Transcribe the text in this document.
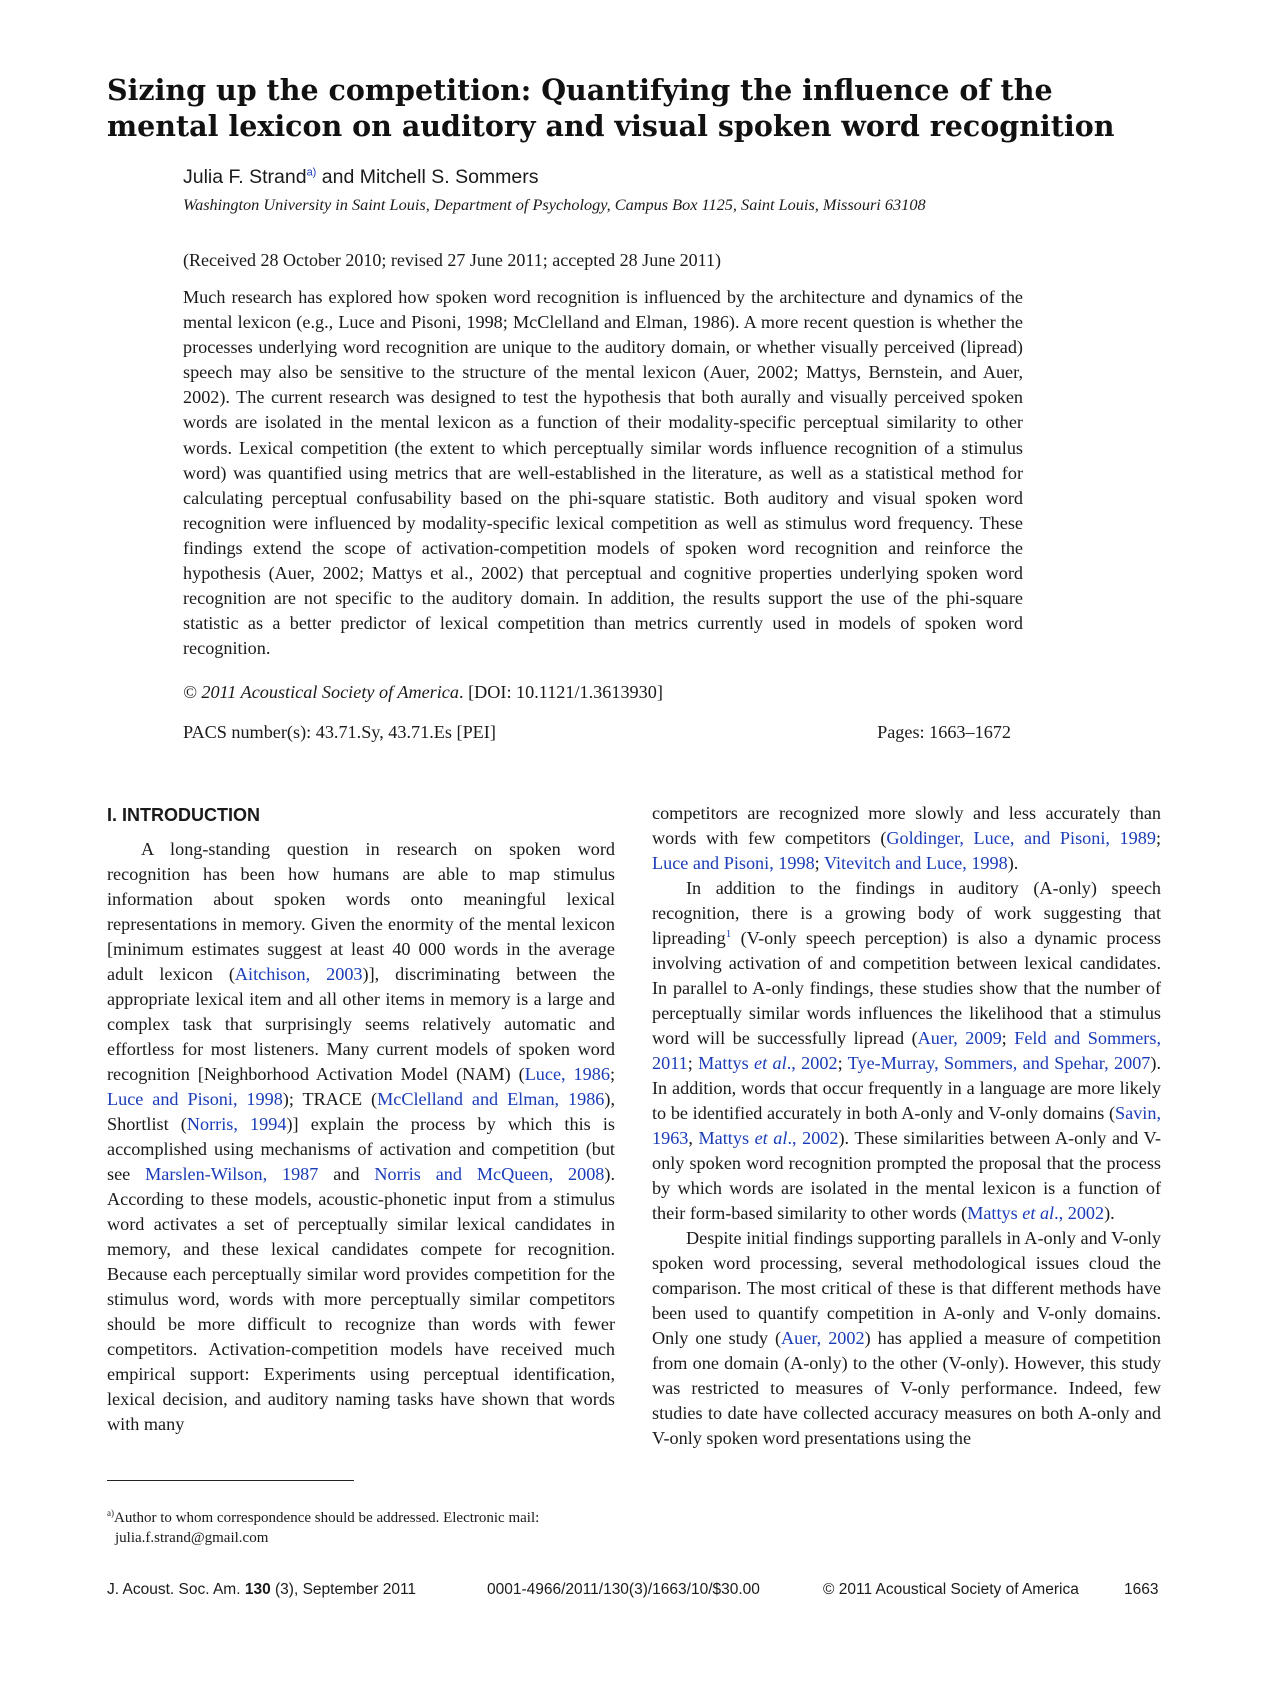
Sizing up the competition: Quantifying the influence of the
mental lexicon on auditory and visual spoken word recognition
Julia F. Strand$^{a)}$ and Mitchell S. Sommers
Washington University in Saint Louis, Department of Psychology, Campus Box 1125, Saint Louis, Missouri 63108
(Received 28 October 2010; revised 27 June 2011; accepted 28 June 2011)

Much research has explored how spoken word recognition is influenced by the architecture and dynamics of the mental lexicon (e.g., Luce and Pisoni, 1998; McClelland and Elman, 1986). A more recent question is whether the processes underlying word recognition are unique to the auditory domain, or whether visually perceived (lipread) speech may also be sensitive to the structure of the mental lexicon (Auer, 2002; Mattys, Bernstein, and Auer, 2002). The current research was designed to test the hypothesis that both aurally and visually perceived spoken words are isolated in the mental lexicon as a function of their modality-specific perceptual similarity to other words. Lexical competition (the extent to which perceptually similar words influence recognition of a stimulus word) was quantified using metrics that are well-established in the literature, as well as a statistical method for calculating perceptual confusability based on the phi-square statistic. Both auditory and visual spoken word recognition were influenced by modality-specific lexical competition as well as stimulus word frequency. These findings extend the scope of activation-competition models of spoken word recognition and reinforce the hypothesis (Auer, 2002; Mattys et al., 2002) that perceptual and cognitive properties underlying spoken word recognition are not specific to the auditory domain. In addition, the results support the use of the phi-square statistic as a better predictor of lexical competition than metrics currently used in models of spoken word recognition.

© 2011 Acoustical Society of America. [DOI: 10.1121/1.3613930]
PACS number(s): 43.71.Sy, 43.71.Es [PEI]	Pages: 1663–1672
I. INTRODUCTION

A long-standing question in research on spoken word recognition has been how humans are able to map stimulus information about spoken words onto meaningful lexical representations in memory. Given the enormity of the mental lexicon [minimum estimates suggest at least 40 000 words in the average adult lexicon (Aitchison, 2003)], discriminating between the appropriate lexical item and all other items in memory is a large and complex task that surprisingly seems relatively automatic and effortless for most listeners. Many current models of spoken word recognition [Neighborhood Activation Model (NAM) (Luce, 1986; Luce and Pisoni, 1998); TRACE (McClelland and Elman, 1986), Shortlist (Norris, 1994)] explain the process by which this is accomplished using mechanisms of activation and competition (but see Marslen-Wilson, 1987 and Norris and McQueen, 2008). According to these models, acoustic-phonetic input from a stimulus word activates a set of perceptually similar lexical candidates in memory, and these lexical candidates compete for recognition. Because each perceptually similar word provides competition for the stimulus word, words with more perceptually similar competitors should be more difficult to recognize than words with fewer competitors. Activation-competition models have received much empirical support: Experiments using perceptual identification, lexical decision, and auditory naming tasks have shown that words with many

competitors are recognized more slowly and less accurately than words with few competitors (Goldinger, Luce, and Pisoni, 1989; Luce and Pisoni, 1998; Vitevitch and Luce, 1998).

In addition to the findings in auditory (A-only) speech recognition, there is a growing body of work suggesting that lipreading$^1$ (V-only speech perception) is also a dynamic process involving activation of and competition between lexical candidates. In parallel to A-only findings, these studies show that the number of perceptually similar words influences the likelihood that a stimulus word will be successfully lipread (Auer, 2009; Feld and Sommers, 2011; Mattys et al., 2002; Tye-Murray, Sommers, and Spehar, 2007). In addition, words that occur frequently in a language are more likely to be identified accurately in both A-only and V-only domains (Savin, 1963, Mattys et al., 2002). These similarities between A-only and V-only spoken word recognition prompted the proposal that the process by which words are isolated in the mental lexicon is a function of their form-based similarity to other words (Mattys et al., 2002).

Despite initial findings supporting parallels in A-only and V-only spoken word processing, several methodological issues cloud the comparison. The most critical of these is that different methods have been used to quantify competition in A-only and V-only domains. Only one study (Auer, 2002) has applied a measure of competition from one domain (A-only) to the other (V-only). However, this study was restricted to measures of V-only performance. Indeed, few studies to date have collected accuracy measures on both A-only and V-only spoken word presentations using the

$^{a)}$Author to whom correspondence should be addressed. Electronic mail:
julia.f.strand@gmail.com
J. Acoust. Soc. Am. 130 (3), September 2011	0001-4966/2011/130(3)/1663/10/$30.00	© 2011 Acoustical Society of America	1663
